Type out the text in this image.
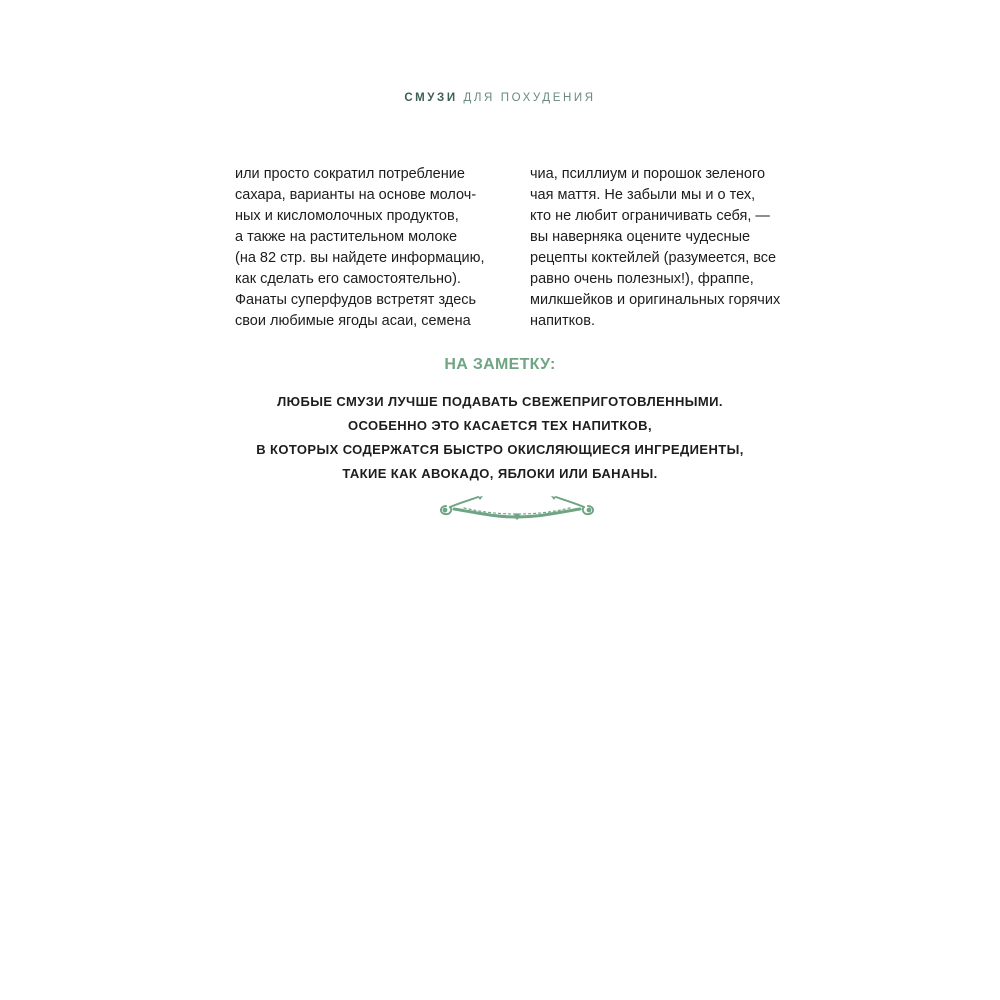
СМУЗИ ДЛЯ ПОХУДЕНИЯ
или просто сократил потребление
сахара, варианты на основе молоч-
ных и кисломолочных продуктов,
а также на растительном молоке
(на 82 стр. вы найдете информацию,
как сделать его самостоятельно).
Фанаты суперфудов встретят здесь
свои любимые ягоды асаи, семена
чиа, псиллиум и порошок зеленого
чая маття. Не забыли мы и о тех,
кто не любит ограничивать себя, —
вы наверняка оцените чудесные
рецепты коктейлей (разумеется, все
равно очень полезных!), фраппе,
милкшейков и оригинальных горячих
напитков.
НА ЗАМЕТКУ:
ЛЮБЫЕ СМУЗИ ЛУЧШЕ ПОДАВАТЬ СВЕЖЕПРИГОТОВЛЕННЫМИ.
ОСОБЕННО ЭТО КАСАЕТСЯ ТЕХ НАПИТКОВ,
В КОТОРЫХ СОДЕРЖАТСЯ БЫСТРО ОКИСЛЯЮЩИЕСЯ ИНГРЕДИЕНТЫ,
ТАКИЕ КАК АВОКАДО, ЯБЛОКИ ИЛИ БАНАНЫ.
